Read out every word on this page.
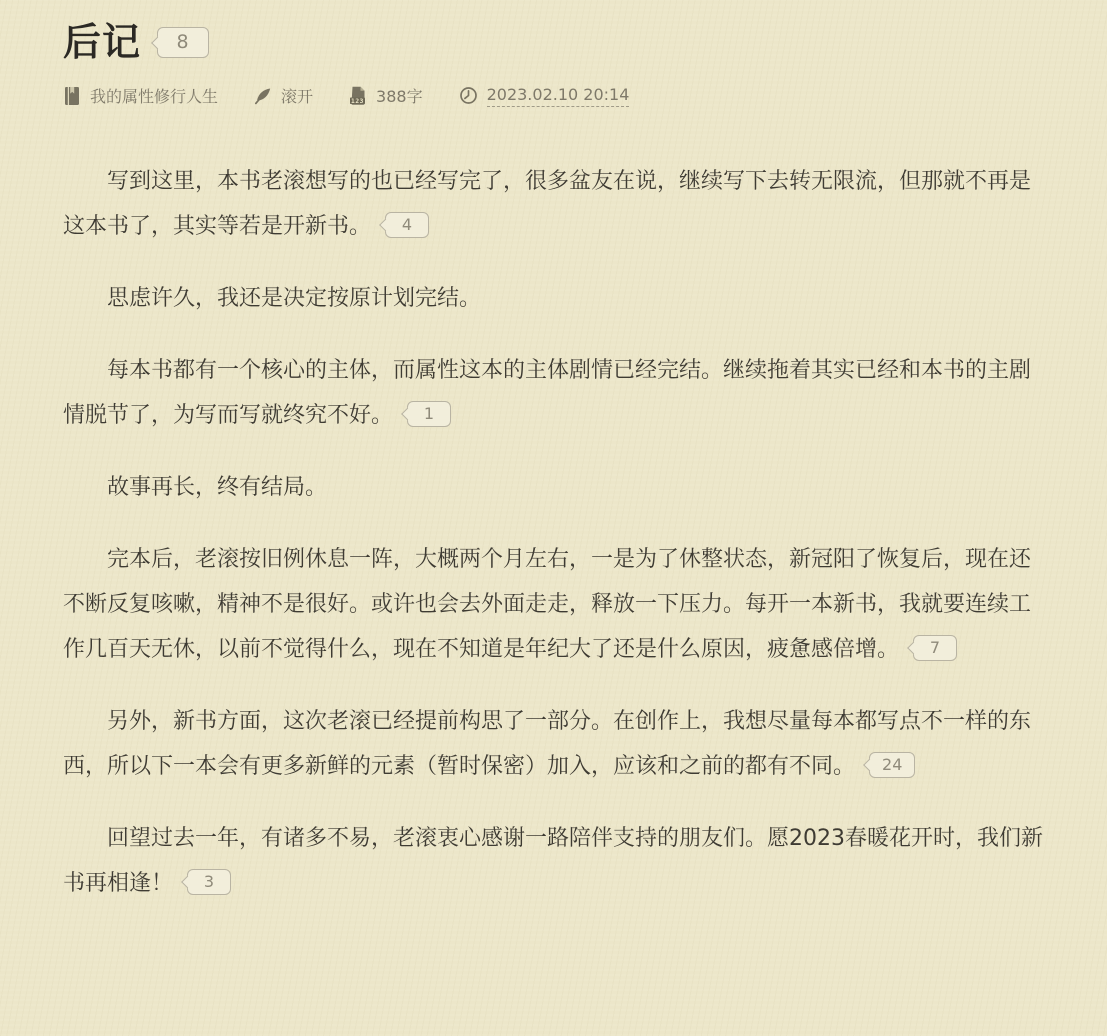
后记 8
我的属性修行人生	滚开	123 388字	2023.02.10 20:14

写到这里，本书老滚想写的也已经写完了，很多盆友在说，继续写下去转无限流，但那就不再是这本书了，其实等若是开新书。 4

思虑许久，我还是决定按原计划完结。

每本书都有一个核心的主体，而属性这本的主体剧情已经完结。继续拖着其实已经和本书的主剧情脱节了，为写而写就终究不好。 1

故事再长，终有结局。

完本后，老滚按旧例休息一阵，大概两个月左右，一是为了休整状态，新冠阳了恢复后，现在还不断反复咳嗽，精神不是很好。或许也会去外面走走，释放一下压力。每开一本新书，我就要连续工作几百天无休，以前不觉得什么，现在不知道是年纪大了还是什么原因，疲惫感倍增。 7

另外，新书方面，这次老滚已经提前构思了一部分。在创作上，我想尽量每本都写点不一样的东西，所以下一本会有更多新鲜的元素（暂时保密）加入，应该和之前的都有不同。 24

回望过去一年，有诸多不易，老滚衷心感谢一路陪伴支持的朋友们。愿2023春暖花开时，我们新书再相逢！ 3
